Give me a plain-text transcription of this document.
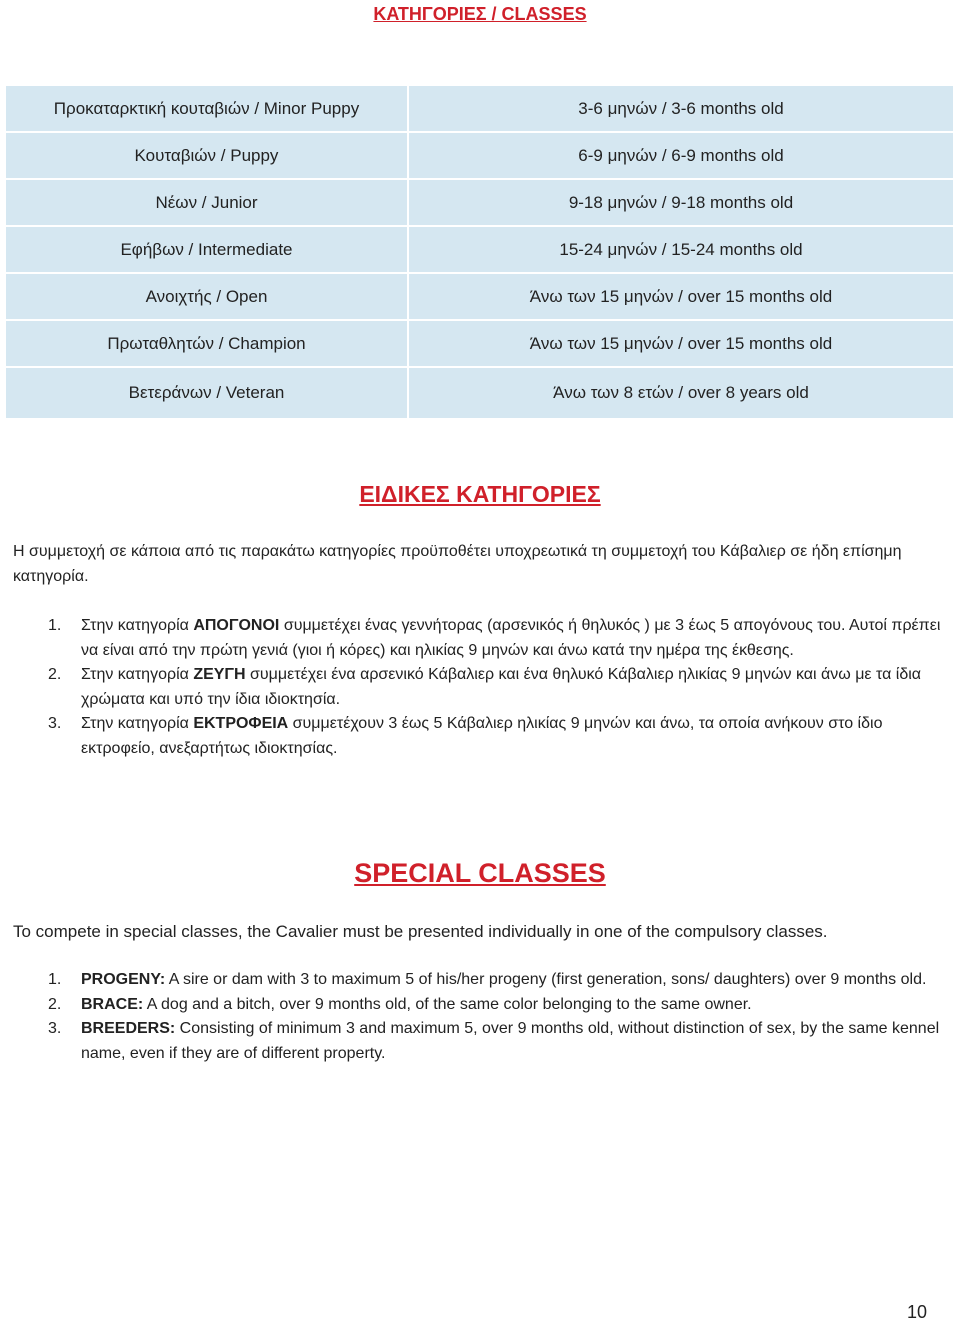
ΚΑΤΗΓΟΡΙΕΣ / CLASSES
Προκαταρκτική κουταβιών / Minor Puppy	3-6 μηνών / 3-6 months old
Κουταβιών / Puppy	6-9 μηνών / 6-9 months old
Νέων / Junior	9-18 μηνών / 9-18 months old
Εφήβων / Intermediate	15-24 μηνών / 15-24 months old
Ανοιχτής / Open	Άνω των 15 μηνών / over 15 months old
Πρωταθλητών / Champion	Άνω των 15 μηνών / over 15 months old
Βετεράνων / Veteran	Άνω των 8 ετών / over 8 years old
ΕΙΔΙΚΕΣ ΚΑΤΗΓΟΡΙΕΣ
Η συμμετοχή σε κάποια από τις παρακάτω κατηγορίες προϋποθέτει υποχρεωτικά τη συμμετοχή του Κάβαλιερ σε ήδη επίσημη κατηγορία.
1. Στην κατηγορία ΑΠΟΓΟΝΟΙ συμμετέχει ένας γεννήτορας (αρσενικός ή θηλυκός ) με 3 έως 5 απογόνους του. Αυτοί πρέπει να είναι από την πρώτη γενιά (γιοι ή κόρες) και ηλικίας 9 μηνών και άνω κατά την ημέρα της έκθεσης.
2. Στην κατηγορία ΖΕΥΓΗ συμμετέχει ένα αρσενικό Κάβαλιερ και ένα θηλυκό Κάβαλιερ ηλικίας 9 μηνών και άνω με τα ίδια χρώματα και υπό την ίδια ιδιοκτησία.
3. Στην κατηγορία ΕΚΤΡΟΦΕΙΑ συμμετέχουν 3 έως 5 Κάβαλιερ ηλικίας 9 μηνών και άνω, τα οποία ανήκουν στο ίδιο εκτροφείο, ανεξαρτήτως ιδιοκτησίας.
SPECIAL CLASSES
To compete in special classes, the Cavalier must be presented individually in one of the compulsory classes.
1. PROGENY: A sire or dam with 3 to maximum 5 of his/her progeny (first generation, sons/ daughters) over 9 months old.
2. BRACE: A dog and a bitch, over 9 months old, of the same color belonging to the same owner.
3. BREEDERS: Consisting of minimum 3 and maximum 5, over 9 months old, without distinction of sex, by the same kennel name, even if they are of different property.
10
